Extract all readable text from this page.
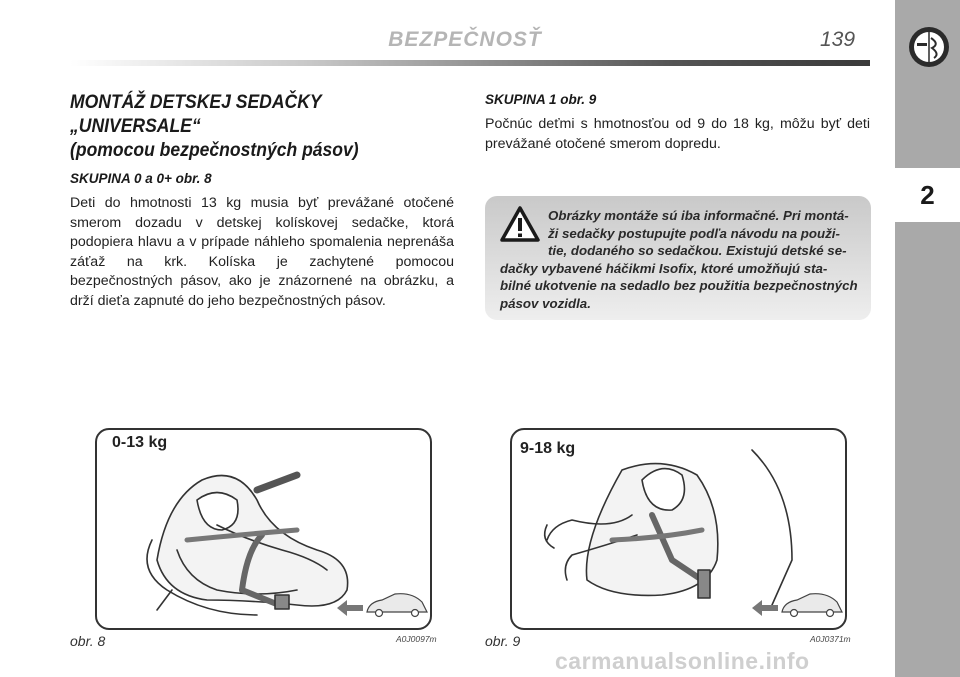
2
BEZPEČNOSŤ	139
MONTÁŽ DETSKEJ SEDAČKY „UNIVERSALE“
(pomocou bezpečnostných pásov)
SKUPINA 0 a 0+ obr. 8
Deti do hmotnosti 13 kg musia byť prevážané otočené smerom dozadu v detskej kolískovej sedačke, ktorá podopiera hlavu a v prípade náhleho spomalenia neprenáša záťaž na krk. Kolíska je zachytené pomocou bezpečnostných pásov, ako je znázornené na obrázku, a drží dieťa zapnuté do jeho bezpečnostných pásov.
SKUPINA 1 obr. 9
Počnúc deťmi s hmotnosťou od 9 do 18 kg, môžu byť deti prevážané otočené smerom dopredu.
Obrázky montáže sú iba informačné. Pri montá-
ži sedačky postupujte podľa návodu na použi-
tie, dodaného so sedačkou. Existujú detské se-
dačky vybavené háčikmi Isofix, ktoré umožňujú sta-
bilné ukotvenie na sedadlo bez použitia bezpečnostných
pásov vozidla.
0-13 kg
obr. 8	A0J0097m
9-18 kg
obr. 9	A0J0371m
carmanualsonline.info
